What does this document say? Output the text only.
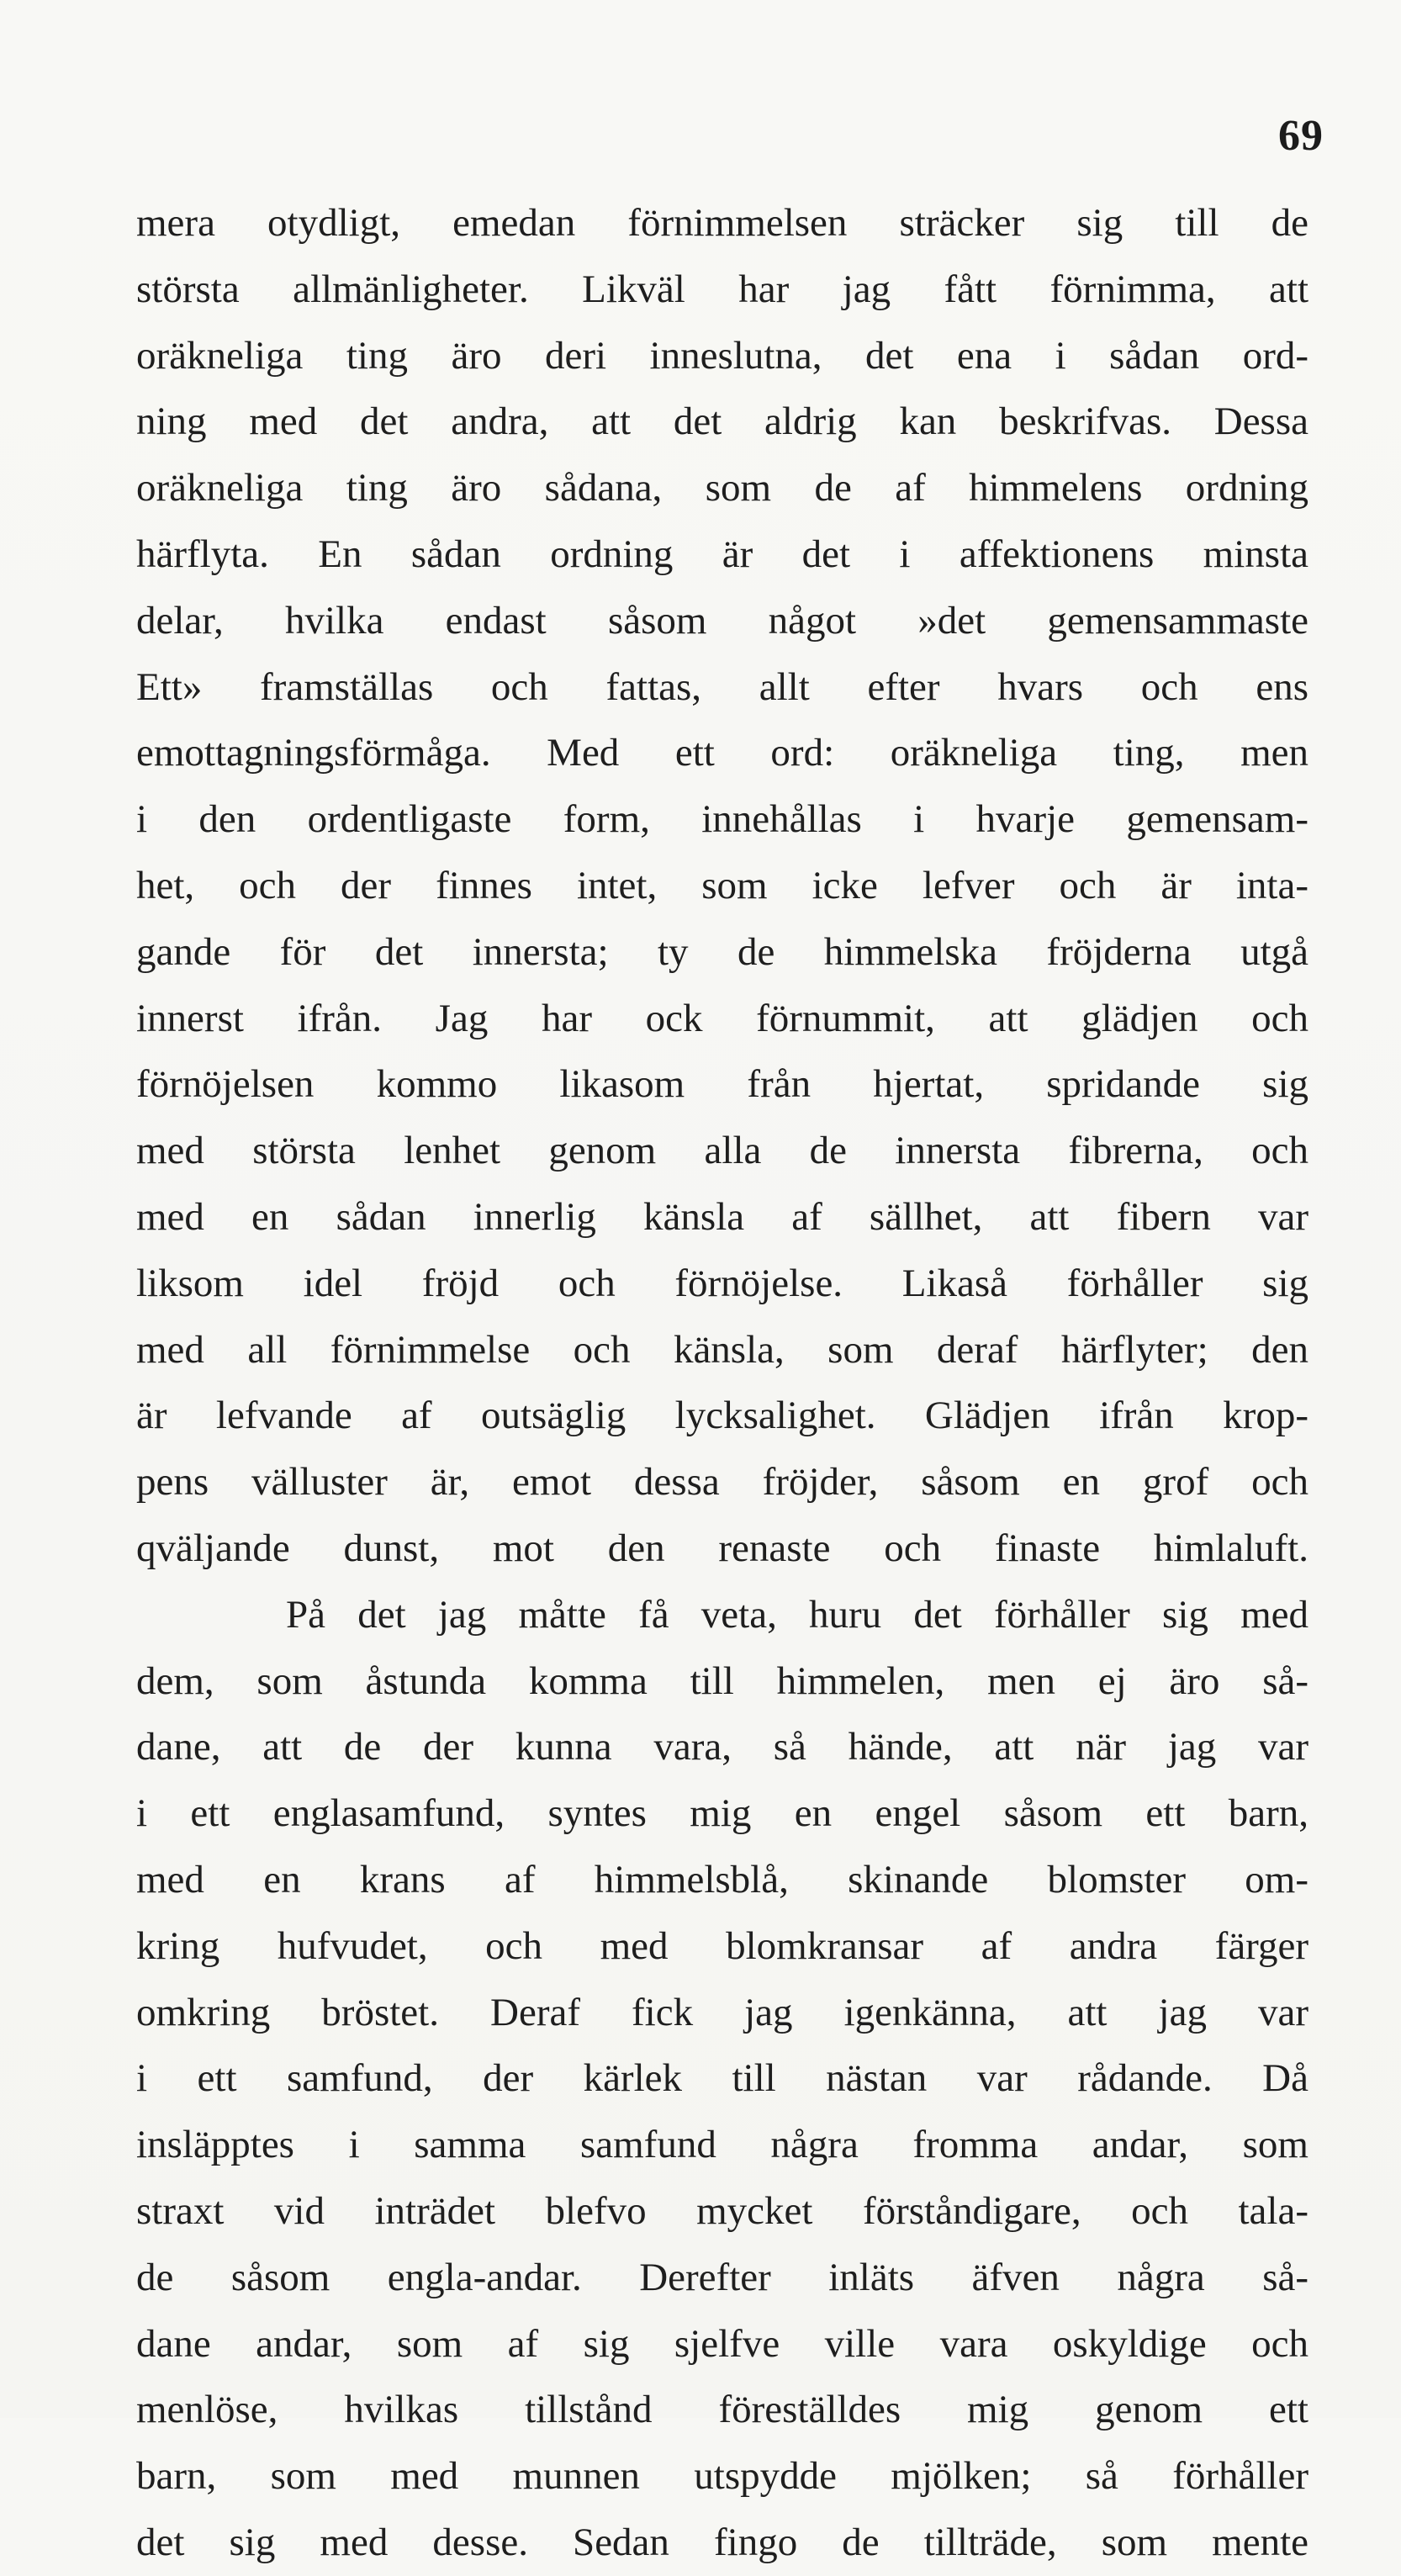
69
mera otydligt, emedan förnimmelsen sträcker sig till de
största allmänligheter. Likväl har jag fått förnimma, att
oräkneliga ting äro deri inneslutna, det ena i sådan ord-
ning med det andra, att det aldrig kan beskrifvas. Dessa
oräkneliga ting äro sådana, som de af himmelens ordning
härflyta. En sådan ordning är det i affektionens minsta
delar, hvilka endast såsom något »det gemensammaste
Ett» framställas och fattas, allt efter hvars och ens
emottagningsförmåga. Med ett ord: oräkneliga ting, men
i den ordentligaste form, innehållas i hvarje gemensam-
het, och der finnes intet, som icke lefver och är inta-
gande för det innersta; ty de himmelska fröjderna utgå
innerst ifrån. Jag har ock förnummit, att glädjen och
förnöjelsen kommo likasom från hjertat, spridande sig
med största lenhet genom alla de innersta fibrerna, och
med en sådan innerlig känsla af sällhet, att fibern var
liksom idel fröjd och förnöjelse. Likaså förhåller sig
med all förnimmelse och känsla, som deraf härflyter; den
är lefvande af outsäglig lycksalighet. Glädjen ifrån krop-
pens välluster är, emot dessa fröjder, såsom en grof och
qväljande dunst, mot den renaste och finaste himlaluft.
På det jag måtte få veta, huru det förhåller sig med
dem, som åstunda komma till himmelen, men ej äro så-
dane, att de der kunna vara, så hände, att när jag var
i ett englasamfund, syntes mig en engel såsom ett barn,
med en krans af himmelsblå, skinande blomster om-
kring hufvudet, och med blomkransar af andra färger
omkring bröstet. Deraf fick jag igenkänna, att jag var
i ett samfund, der kärlek till nästan var rådande. Då
insläpptes i samma samfund några fromma andar, som
straxt vid inträdet blefvo mycket förståndigare, och tala-
de såsom engla-andar. Derefter inläts äfven några så-
dane andar, som af sig sjelfve ville vara oskyldige och
menlöse, hvilkas tillstånd föreställdes mig genom ett
barn, som med munnen utspydde mjölken; så förhåller
det sig med desse. Sedan fingo de tillträde, som mente
